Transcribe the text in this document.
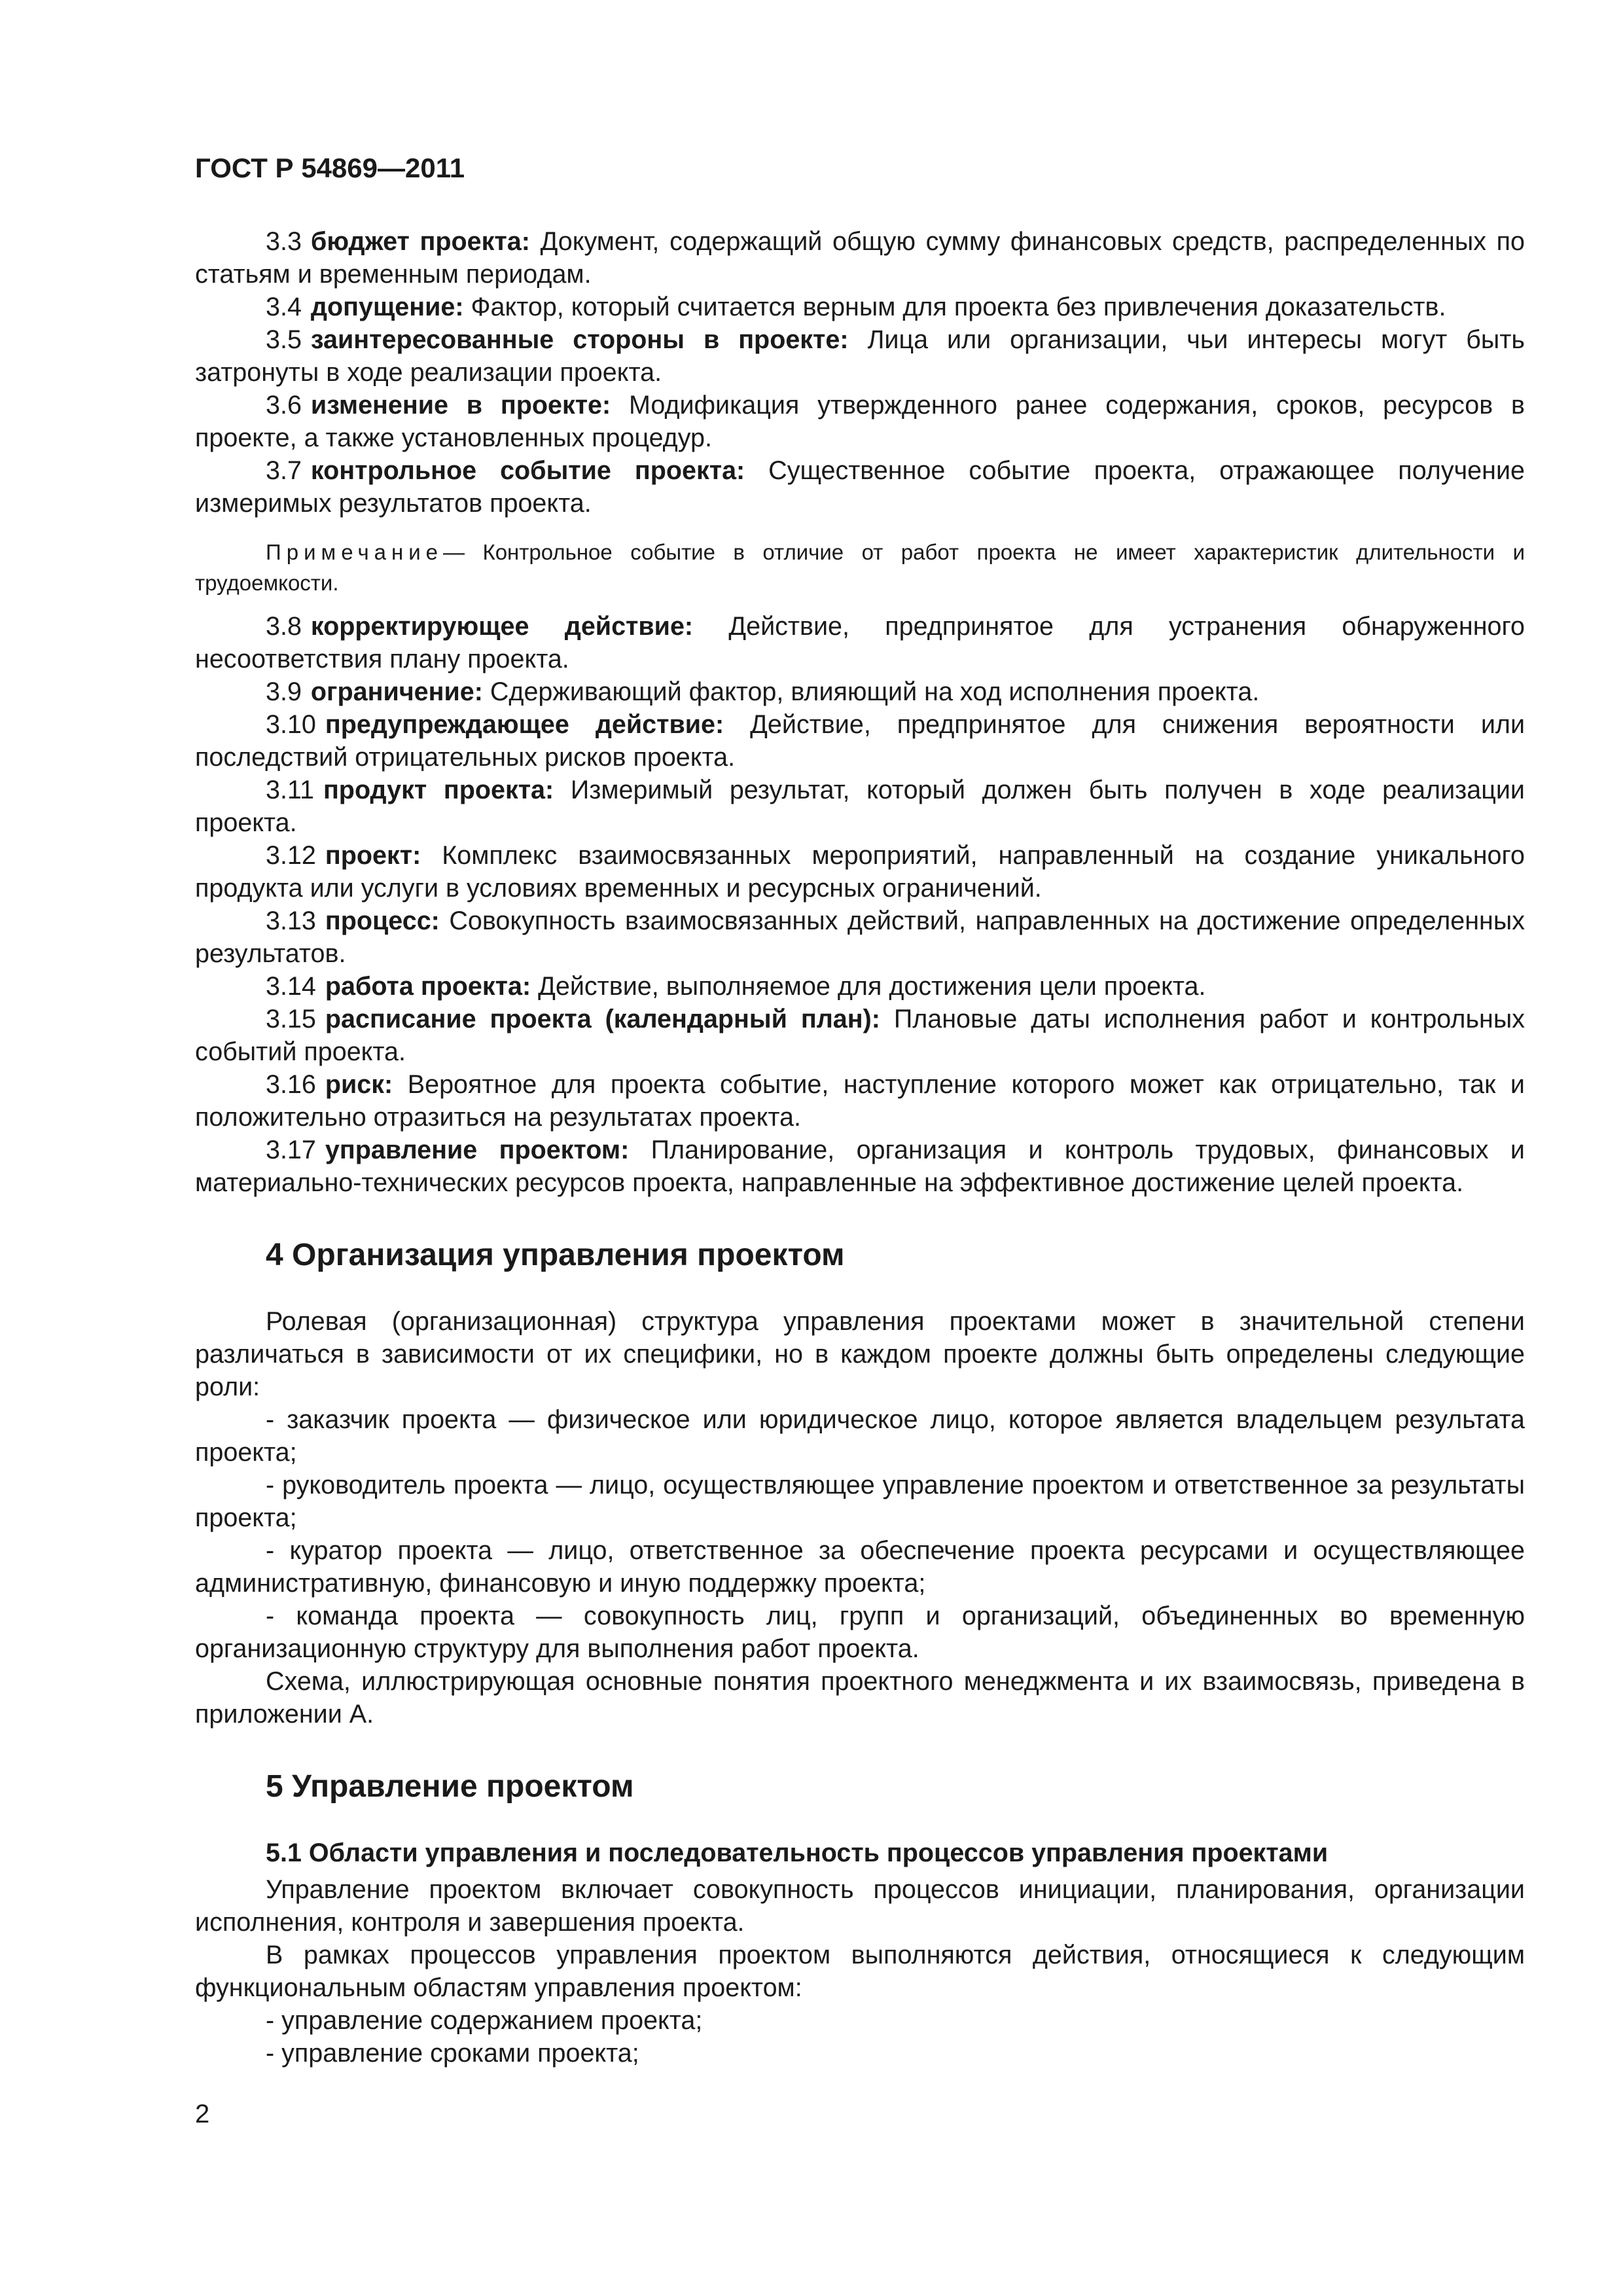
ГОСТ Р 54869—2011

3.3 бюджет проекта: Документ, содержащий общую сумму финансовых средств, распределенных по статьям и временным периодам.

3.4 допущение: Фактор, который считается верным для проекта без привлечения доказательств.

3.5 заинтересованные стороны в проекте: Лица или организации, чьи интересы могут быть затронуты в ходе реализации проекта.

3.6 изменение в проекте: Модификация утвержденного ранее содержания, сроков, ресурсов в проекте, а также установленных процедур.

3.7 контрольное событие проекта: Существенное событие проекта, отражающее получение измеримых результатов проекта.

Примечание— Контрольное событие в отличие от работ проекта не имеет характеристик длительности и трудоемкости.

3.8 корректирующее действие: Действие, предпринятое для устранения обнаруженного несоответствия плану проекта.

3.9 ограничение: Сдерживающий фактор, влияющий на ход исполнения проекта.

3.10 предупреждающее действие: Действие, предпринятое для снижения вероятности или последствий отрицательных рисков проекта.

3.11 продукт проекта: Измеримый результат, который должен быть получен в ходе реализации проекта.

3.12 проект: Комплекс взаимосвязанных мероприятий, направленный на создание уникального продукта или услуги в условиях временных и ресурсных ограничений.

3.13 процесс: Совокупность взаимосвязанных действий, направленных на достижение определенных результатов.

3.14 работа проекта: Действие, выполняемое для достижения цели проекта.

3.15 расписание проекта (календарный план): Плановые даты исполнения работ и контрольных событий проекта.

3.16 риск: Вероятное для проекта событие, наступление которого может как отрицательно, так и положительно отразиться на результатах проекта.

3.17 управление проектом: Планирование, организация и контроль трудовых, финансовых и материально-технических ресурсов проекта, направленные на эффективное достижение целей проекта.

4 Организация управления проектом

Ролевая (организационная) структура управления проектами может в значительной степени различаться в зависимости от их специфики, но в каждом проекте должны быть определены следующие роли:

- заказчик проекта — физическое или юридическое лицо, которое является владельцем результата проекта;

- руководитель проекта — лицо, осуществляющее управление проектом и ответственное за результаты проекта;

- куратор проекта — лицо, ответственное за обеспечение проекта ресурсами и осуществляющее административную, финансовую и иную поддержку проекта;

- команда проекта — совокупность лиц, групп и организаций, объединенных во временную организационную структуру для выполнения работ проекта.

Схема, иллюстрирующая основные понятия проектного менеджмента и их взаимосвязь, приведена в приложении А.

5 Управление проектом
5.1 Области управления и последовательность процессов управления проектами

Управление проектом включает совокупность процессов инициации, планирования, организации исполнения, контроля и завершения проекта.

В рамках процессов управления проектом выполняются действия, относящиеся к следующим функциональным областям управления проектом:

- управление содержанием проекта;

- управление сроками проекта;

2
